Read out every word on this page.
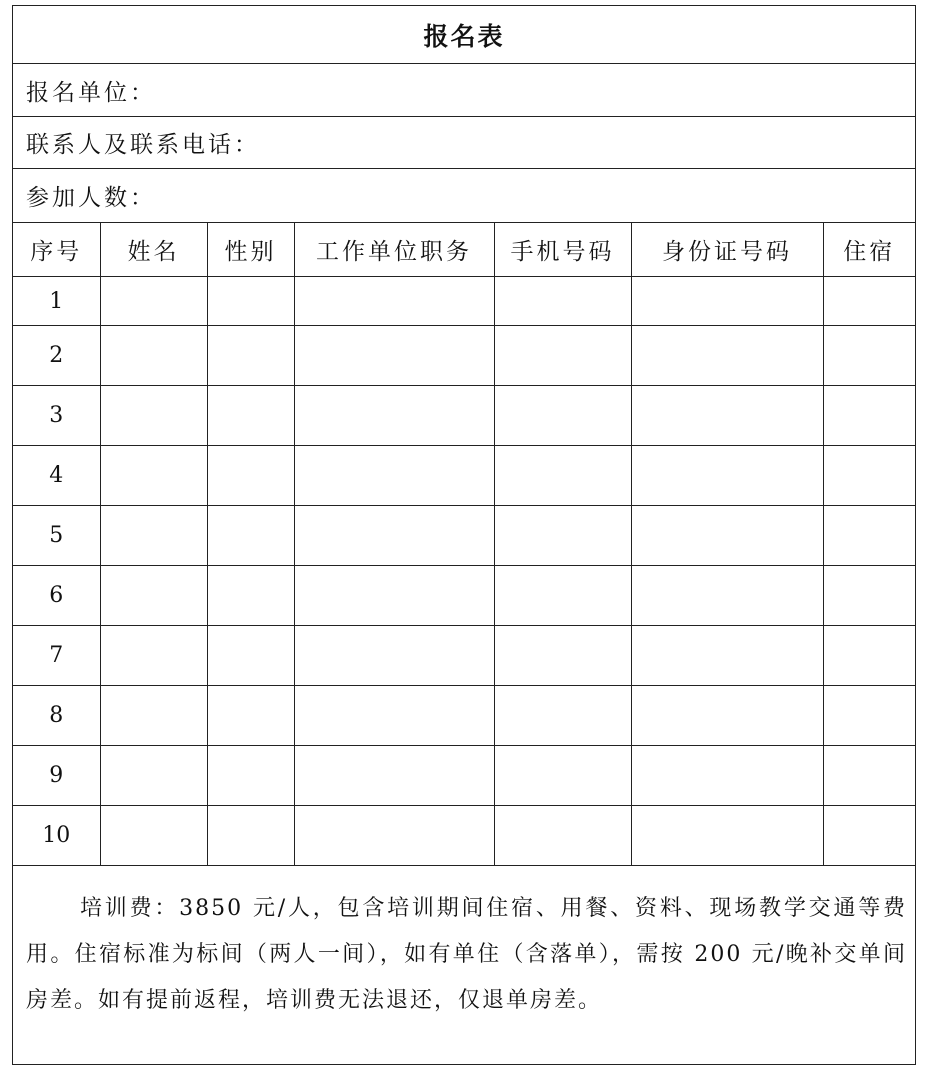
报名表
报名单位：
联系人及联系电话：
参加人数：
序号	姓名	性别	工作单位职务	手机号码	身份证号码	住宿
1						
2						
3						
4						
5						
6						
7						
8						
9						
10						
培训费：3850 元/人，包含培训期间住宿、用餐、资料、现场教学交通等费用。住宿标准为标间（两人一间），如有单住（含落单），需按 200 元/晚补交单间房差。如有提前返程，培训费无法退还，仅退单房差。
